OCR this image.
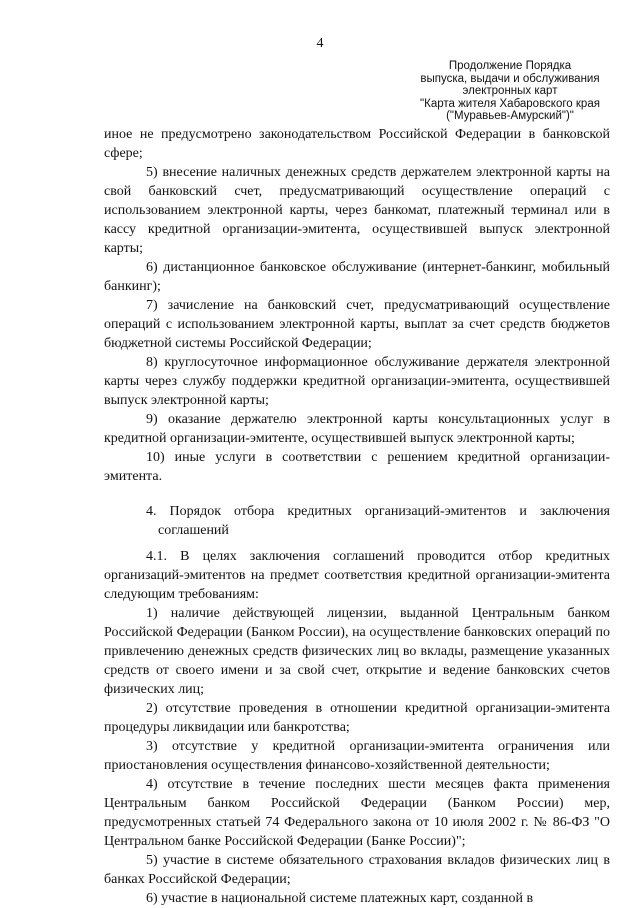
4
Продолжение Порядка
выпуска, выдачи и обслуживания
электронных карт
"Карта жителя Хабаровского края
("Муравьев-Амурский")"

иное не предусмотрено законодательством Российской Федерации в банковской сфере;

5) внесение наличных денежных средств держателем электронной карты на свой банковский счет, предусматривающий осуществление операций с использованием электронной карты, через банкомат, платежный терминал или в кассу кредитной организации-эмитента, осуществившей выпуск электронной карты;

6) дистанционное банковское обслуживание (интернет-банкинг, мобильный банкинг);

7) зачисление на банковский счет, предусматривающий осуществление операций с использованием электронной карты, выплат за счет средств бюджетов бюджетной системы Российской Федерации;

8) круглосуточное информационное обслуживание держателя электронной карты через службу поддержки кредитной организации-эмитента, осуществившей выпуск электронной карты;

9) оказание держателю электронной карты консультационных услуг в кредитной организации-эмитенте, осуществившей выпуск электронной карты;

10) иные услуги в соответствии с решением кредитной организации-эмитента.

4. Порядок отбора кредитных организаций-эмитентов и заключения соглашений

4.1. В целях заключения соглашений проводится отбор кредитных организаций-эмитентов на предмет соответствия кредитной организации-эмитента следующим требованиям:

1) наличие действующей лицензии, выданной Центральным банком Российской Федерации (Банком России), на осуществление банковских операций по привлечению денежных средств физических лиц во вклады, размещение указанных средств от своего имени и за свой счет, открытие и ведение банковских счетов физических лиц;

2) отсутствие проведения в отношении кредитной организации-эмитента процедуры ликвидации или банкротства;

3) отсутствие у кредитной организации-эмитента ограничения или приостановления осуществления финансово-хозяйственной деятельности;

4) отсутствие в течение последних шести месяцев факта применения Центральным банком Российской Федерации (Банком России) мер, предусмотренных статьей 74 Федерального закона от 10 июля 2002 г. № 86-ФЗ "О Центральном банке Российской Федерации (Банке России)";

5) участие в системе обязательного страхования вкладов физических лиц в банках Российской Федерации;

6) участие в национальной системе платежных карт, созданной в
